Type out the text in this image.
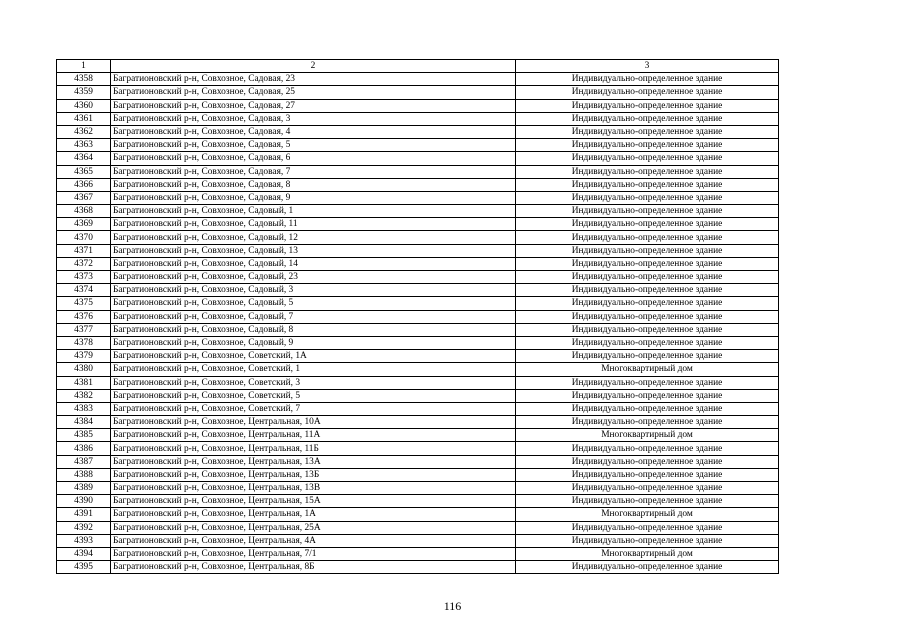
1	2	3
4358	Багратионовский р-н, Совхозное, Садовая, 23	Индивидуально-определенное здание
4359	Багратионовский р-н, Совхозное, Садовая, 25	Индивидуально-определенное здание
4360	Багратионовский р-н, Совхозное, Садовая, 27	Индивидуально-определенное здание
4361	Багратионовский р-н, Совхозное, Садовая, 3	Индивидуально-определенное здание
4362	Багратионовский р-н, Совхозное, Садовая, 4	Индивидуально-определенное здание
4363	Багратионовский р-н, Совхозное, Садовая, 5	Индивидуально-определенное здание
4364	Багратионовский р-н, Совхозное, Садовая, 6	Индивидуально-определенное здание
4365	Багратионовский р-н, Совхозное, Садовая, 7	Индивидуально-определенное здание
4366	Багратионовский р-н, Совхозное, Садовая, 8	Индивидуально-определенное здание
4367	Багратионовский р-н, Совхозное, Садовая, 9	Индивидуально-определенное здание
4368	Багратионовский р-н, Совхозное, Садовый, 1	Индивидуально-определенное здание
4369	Багратионовский р-н, Совхозное, Садовый, 11	Индивидуально-определенное здание
4370	Багратионовский р-н, Совхозное, Садовый, 12	Индивидуально-определенное здание
4371	Багратионовский р-н, Совхозное, Садовый, 13	Индивидуально-определенное здание
4372	Багратионовский р-н, Совхозное, Садовый, 14	Индивидуально-определенное здание
4373	Багратионовский р-н, Совхозное, Садовый, 23	Индивидуально-определенное здание
4374	Багратионовский р-н, Совхозное, Садовый, 3	Индивидуально-определенное здание
4375	Багратионовский р-н, Совхозное, Садовый, 5	Индивидуально-определенное здание
4376	Багратионовский р-н, Совхозное, Садовый, 7	Индивидуально-определенное здание
4377	Багратионовский р-н, Совхозное, Садовый, 8	Индивидуально-определенное здание
4378	Багратионовский р-н, Совхозное, Садовый, 9	Индивидуально-определенное здание
4379	Багратионовский р-н, Совхозное, Советский, 1А	Индивидуально-определенное здание
4380	Багратионовский р-н, Совхозное, Советский, 1	Многоквартирный дом
4381	Багратионовский р-н, Совхозное, Советский, 3	Индивидуально-определенное здание
4382	Багратионовский р-н, Совхозное, Советский, 5	Индивидуально-определенное здание
4383	Багратионовский р-н, Совхозное, Советский, 7	Индивидуально-определенное здание
4384	Багратионовский р-н, Совхозное, Центральная, 10А	Индивидуально-определенное здание
4385	Багратионовский р-н, Совхозное, Центральная, 11А	Многоквартирный дом
4386	Багратионовский р-н, Совхозное, Центральная, 11Б	Индивидуально-определенное здание
4387	Багратионовский р-н, Совхозное, Центральная, 13А	Индивидуально-определенное здание
4388	Багратионовский р-н, Совхозное, Центральная, 13Б	Индивидуально-определенное здание
4389	Багратионовский р-н, Совхозное, Центральная, 13В	Индивидуально-определенное здание
4390	Багратионовский р-н, Совхозное, Центральная, 15А	Индивидуально-определенное здание
4391	Багратионовский р-н, Совхозное, Центральная, 1А	Многоквартирный дом
4392	Багратионовский р-н, Совхозное, Центральная, 25А	Индивидуально-определенное здание
4393	Багратионовский р-н, Совхозное, Центральная, 4А	Индивидуально-определенное здание
4394	Багратионовский р-н, Совхозное, Центральная, 7/1	Многоквартирный дом
4395	Багратионовский р-н, Совхозное, Центральная, 8Б	Индивидуально-определенное здание
116
